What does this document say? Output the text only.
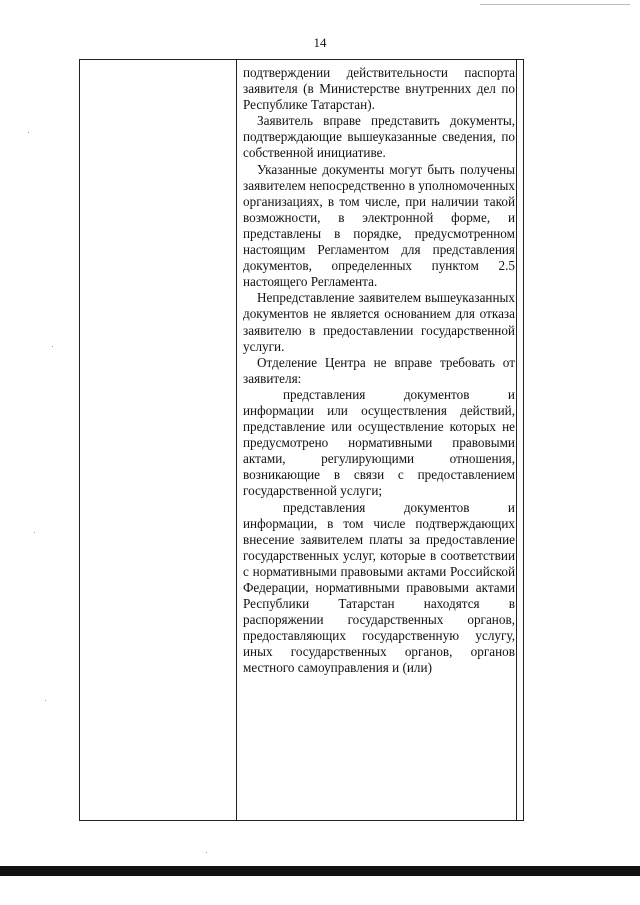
14

подтверждении действительности паспорта заявителя (в Министерстве внутренних дел по Республике Татарстан).

Заявитель вправе представить документы, подтверждающие вышеуказанные сведения, по собственной инициативе.

Указанные документы могут быть получены заявителем непосредственно в уполномоченных организациях, в том числе, при наличии такой возможности, в электронной форме, и представлены в порядке, предусмотренном настоящим Регламентом для представления документов, определенных пунктом 2.5 настоящего Регламента.

Непредставление заявителем вышеуказанных документов не является основанием для отказа заявителю в предоставлении государственной услуги.

Отделение Центра не вправе требовать от заявителя:

представления документов и информации или осуществления действий, представление или осуществление которых не предусмотрено нормативными правовыми актами, регулирующими отношения, возникающие в связи с предоставлением государственной услуги;

представления документов и информации, в том числе подтверждающих внесение заявителем платы за предоставление государственных услуг, которые в соответствии с нормативными правовыми актами Российской Федерации, нормативными правовыми актами Республики Татарстан находятся в распоряжении государственных органов, предоставляющих государственную услугу, иных государственных органов, органов местного самоуправления и (или)
